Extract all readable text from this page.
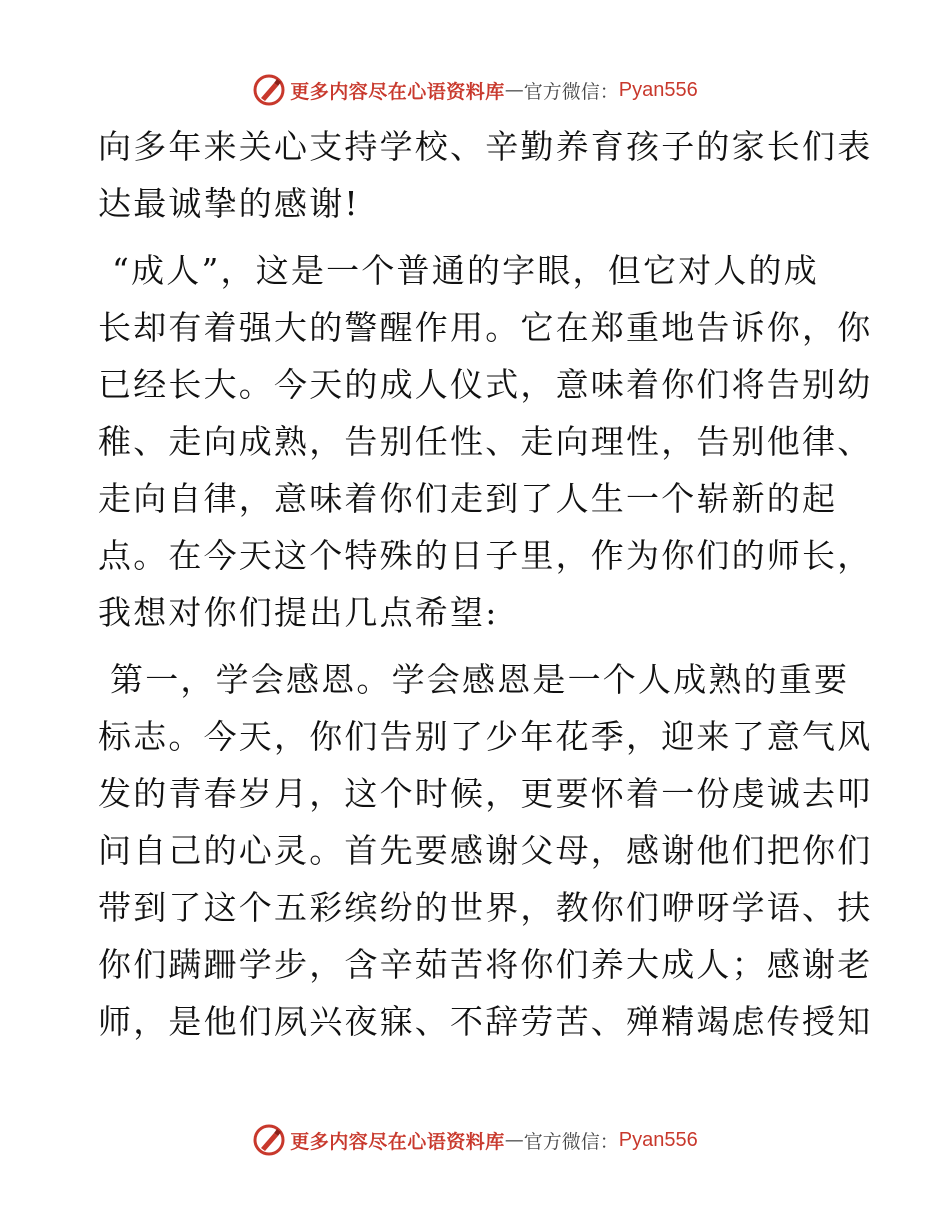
更多内容尽在心语资料库 — 官方微信： Pyan556
向多年来关心支持学校、辛勤养育孩子的家长们表
达最诚挚的感谢!
“成人”，这是一个普通的字眼，但它对人的成
长却有着强大的警醒作用。它在郑重地告诉你，你
已经长大。今天的成人仪式，意味着你们将告别幼
稚、走向成熟，告别任性、走向理性，告别他律、
走向自律，意味着你们走到了人生一个崭新的起
点。在今天这个特殊的日子里，作为你们的师长，
我想对你们提出几点希望:
第一，学会感恩。学会感恩是一个人成熟的重要
标志。今天，你们告别了少年花季，迎来了意气风
发的青春岁月，这个时候，更要怀着一份虔诚去叩
问自己的心灵。首先要感谢父母，感谢他们把你们
带到了这个五彩缤纷的世界，教你们咿呀学语、扶
你们蹒跚学步，含辛茹苦将你们养大成人；感谢老
师，是他们夙兴夜寐、不辞劳苦、殚精竭虑传授知
更多内容尽在心语资料库 — 官方微信： Pyan556
